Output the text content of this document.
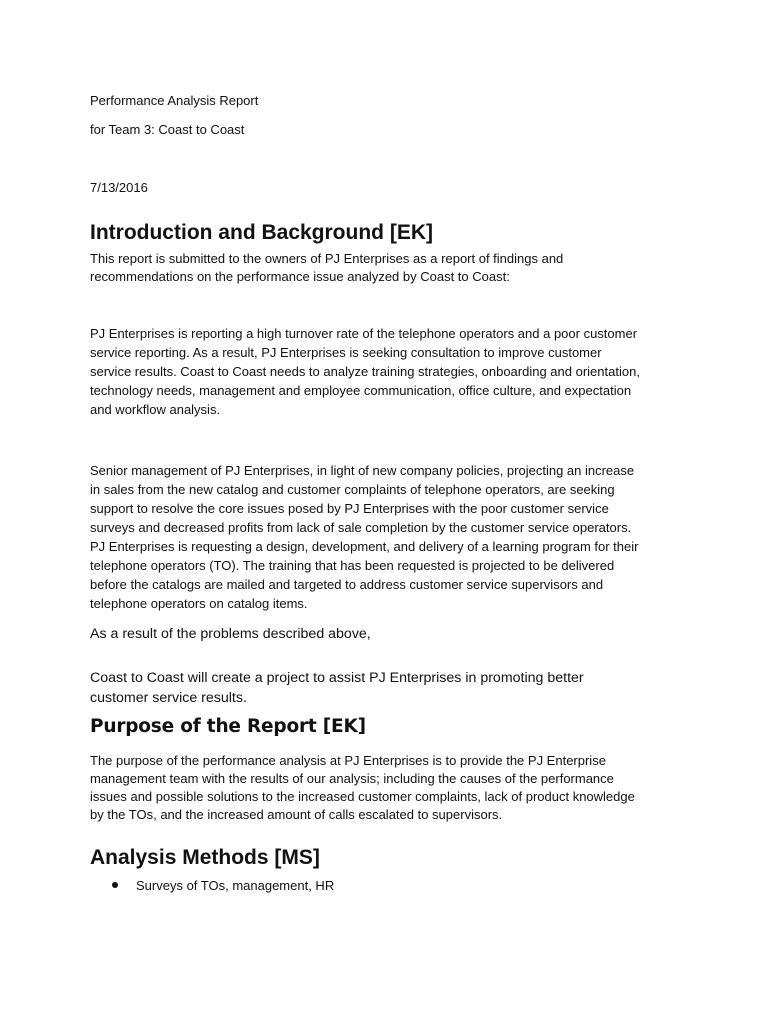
Performance Analysis Report

for Team 3: Coast to Coast

7/13/2016

Introduction and Background [EK]
This report is submitted to the owners of PJ Enterprises as a report of findings and
recommendations on the performance issue analyzed by Coast to Coast:
PJ Enterprises is reporting a high turnover rate of the telephone operators and a poor customer
service reporting. As a result, PJ Enterprises is seeking consultation to improve customer
service results. Coast to Coast needs to analyze training strategies, onboarding and orientation,
technology needs, management and employee communication, office culture, and expectation
and workflow analysis.
Senior management of PJ Enterprises, in light of new company policies, projecting an increase
in sales from the new catalog and customer complaints of telephone operators, are seeking
support to resolve the core issues posed by PJ Enterprises with the poor customer service
surveys and decreased profits from lack of sale completion by the customer service operators.
PJ Enterprises is requesting a design, development, and delivery of a learning program for their
telephone operators (TO). The training that has been requested is projected to be delivered
before the catalogs are mailed and targeted to address customer service supervisors and
telephone operators on catalog items.

As a result of the problems described above,

Coast to Coast will create a project to assist PJ Enterprises in promoting better
customer service results.
Purpose of the Report [EK]
The purpose of the performance analysis at PJ Enterprises is to provide the PJ Enterprise
management team with the results of our analysis; including the causes of the performance
issues and possible solutions to the increased customer complaints, lack of product knowledge
by the TOs, and the increased amount of calls escalated to supervisors.
Analysis Methods [MS]
Surveys of TOs, management, HR
